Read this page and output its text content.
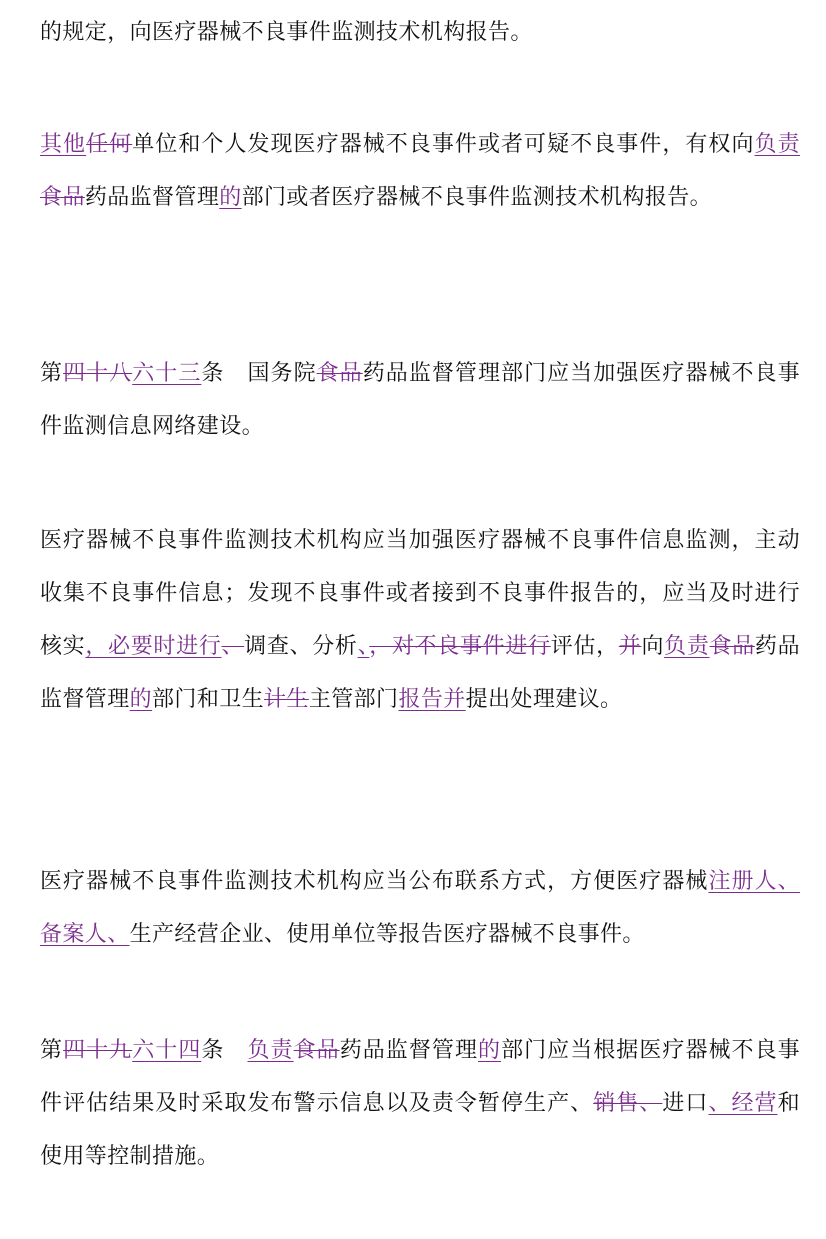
的规定，向医疗器械不良事件监测技术机构报告。

其他任何单位和个人发现医疗器械不良事件或者可疑不良事件，有权向负责食品药品监督管理的部门或者医疗器械不良事件监测技术机构报告。

第四十八六十三条　国务院食品药品监督管理部门应当加强医疗器械不良事件监测信息网络建设。

医疗器械不良事件监测技术机构应当加强医疗器械不良事件信息监测，主动收集不良事件信息；发现不良事件或者接到不良事件报告的，应当及时进行核实，必要时进行、调查、分析、，对不良事件进行评估，并向负责食品药品监督管理的部门和卫生计生主管部门报告并提出处理建议。

医疗器械不良事件监测技术机构应当公布联系方式，方便医疗器械注册人、备案人、生产经营企业、使用单位等报告医疗器械不良事件。

第四十九六十四条　负责食品药品监督管理的部门应当根据医疗器械不良事件评估结果及时采取发布警示信息以及责令暂停生产、销售、进口、经营和使用等控制措施。
